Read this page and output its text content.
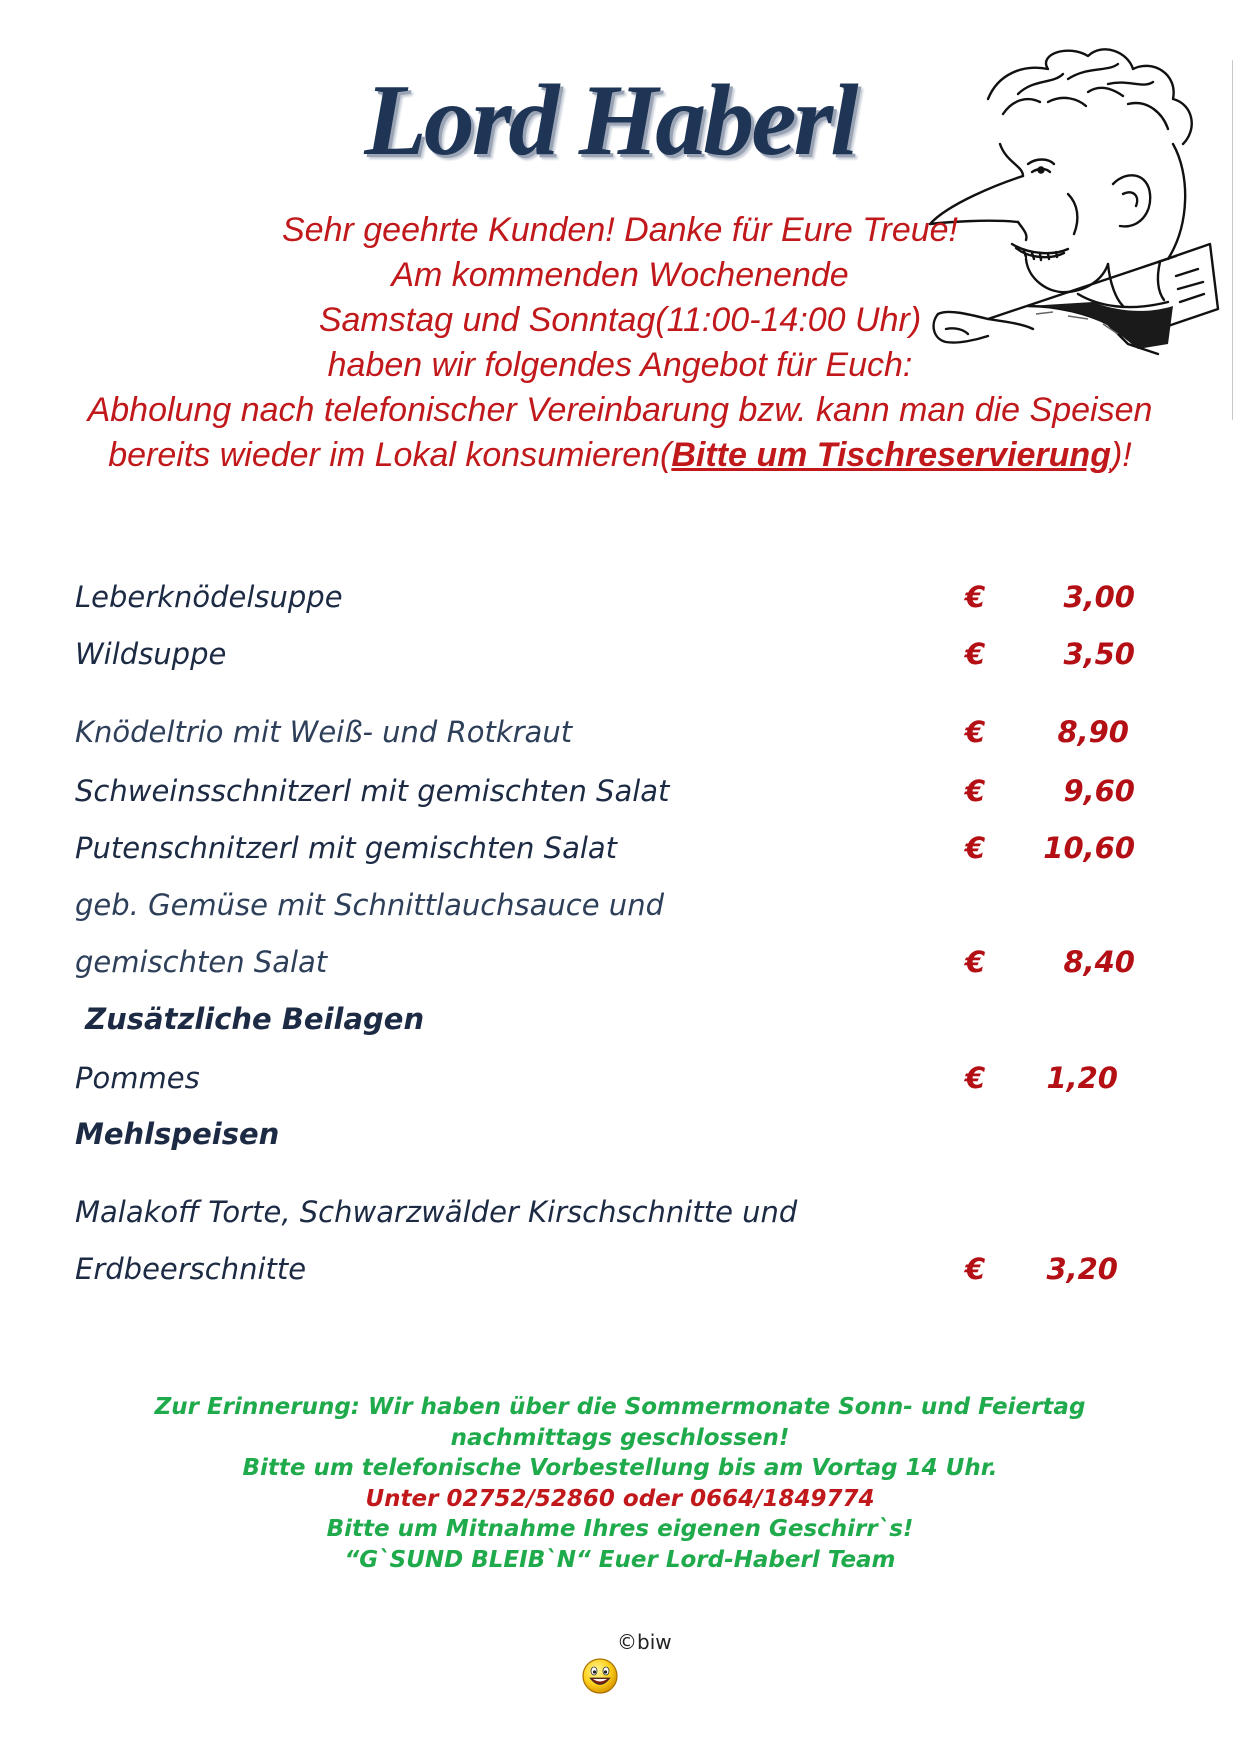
Lord Haberl
Sehr geehrte Kunden! Danke für Eure Treue!
Am kommenden Wochenende
Samstag und Sonntag(11:00-14:00 Uhr)
haben wir folgendes Angebot für Euch:
Abholung nach telefonischer Vereinbarung bzw. kann man die Speisen
bereits wieder im Lokal konsumieren(Bitte um Tischreservierung)!
Leberknödelsuppe	€	3,00
Wildsuppe	€	3,50
Knödeltrio mit Weiß- und Rotkraut	€ 8,90
Schweinsschnitzerl mit gemischten Salat	€	9,60
Putenschnitzerl mit gemischten Salat	€ 10,60
geb. Gemüse mit Schnittlauchsauce und
gemischten Salat	€	8,40
Zusätzliche Beilagen
Pommes	€ 1,20
Mehlspeisen
Malakoff Torte, Schwarzwälder Kirschschnitte und
Erdbeerschnitte	€ 3,20
Zur Erinnerung: Wir haben über die Sommermonate Sonn- und Feiertag
nachmittags geschlossen!
Bitte um telefonische Vorbestellung bis am Vortag 14 Uhr.
Unter 02752/52860 oder 0664/1849774
Bitte um Mitnahme Ihres eigenen Geschirr`s!
“G`SUND BLEIB`N“ Euer Lord-Haberl Team
©biw
